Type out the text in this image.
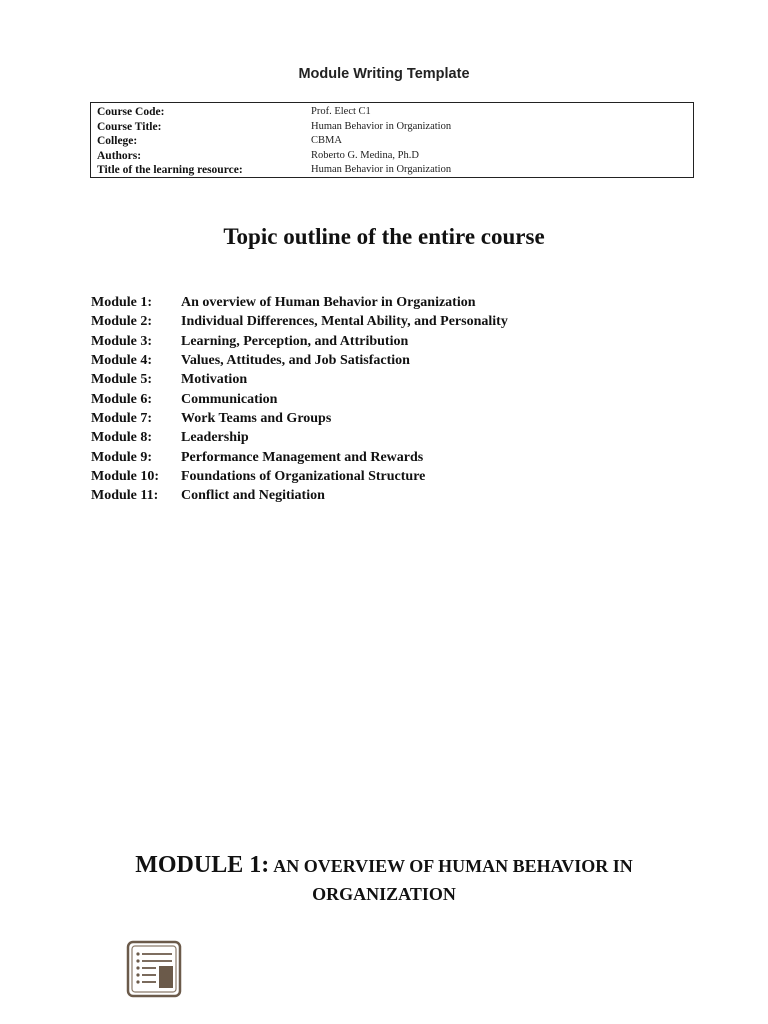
Module Writing Template
Course Code:	Prof. Elect C1
Course Title:	Human Behavior in Organization
College:	CBMA
Authors:	Roberto G. Medina, Ph.D
Title of the learning resource:	Human Behavior in Organization
Topic outline of the entire course
Module 1:	An overview of Human Behavior in Organization
Module 2:	Individual Differences, Mental Ability, and Personality
Module 3:	Learning, Perception, and Attribution
Module 4:	Values, Attitudes, and Job Satisfaction
Module 5:	Motivation
Module 6:	Communication
Module 7:	Work Teams and Groups
Module 8:	Leadership
Module 9:	Performance Management and Rewards
Module 10:	Foundations of Organizational Structure
Module 11:	Conflict and Negitiation
MODULE 1: AN OVERVIEW OF HUMAN BEHAVIOR IN
ORGANIZATION
